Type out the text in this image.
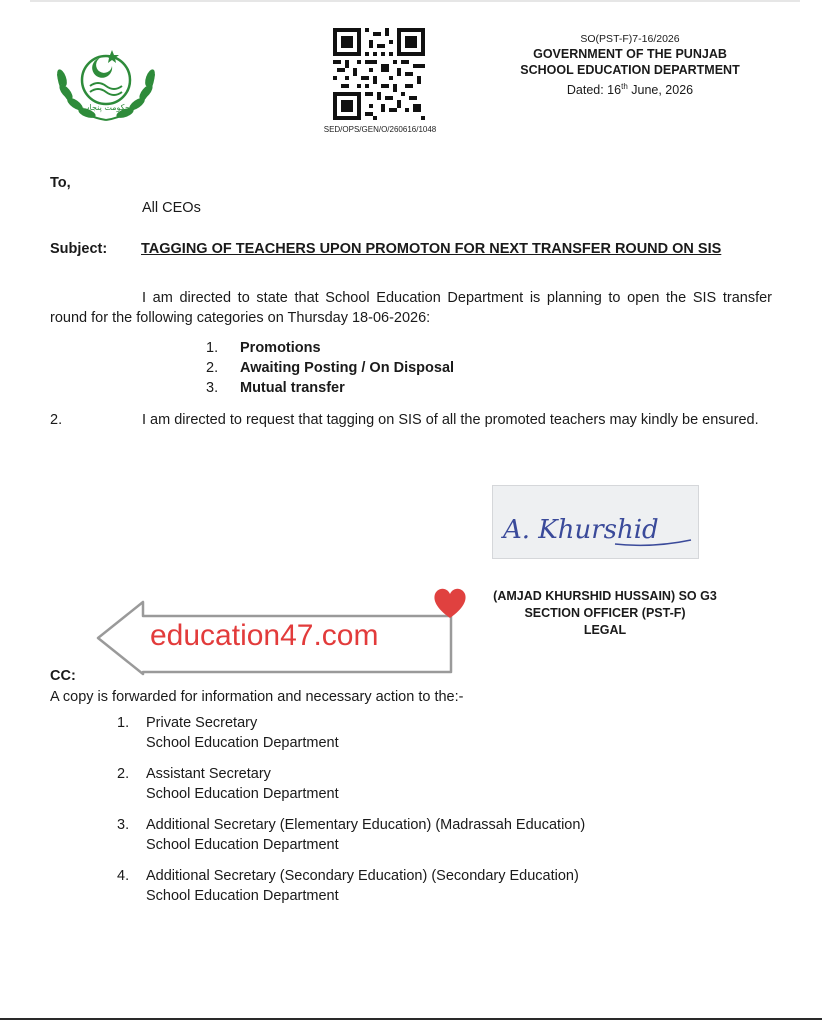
حکومت پنجاب
SED/OPS/GEN/O/260616/1048
SO(PST-F)7-16/2026
GOVERNMENT OF THE PUNJAB
SCHOOL EDUCATION DEPARTMENT
Dated: 16th June, 2026
To,
All CEOs
Subject: TAGGING OF TEACHERS UPON PROMOTON FOR NEXT TRANSFER ROUND ON SIS
I am directed to state that School Education Department is planning to open the SIS transfer round for the following categories on Thursday 18-06-2026:
1.	Promotions
2.	Awaiting Posting / On Disposal
3.	Mutual transfer
2.	I am directed to request that tagging on SIS of all the promoted teachers may kindly be ensured.
A. Khurshid
(AMJAD KHURSHID HUSSAIN) SO G3
SECTION OFFICER (PST-F)
LEGAL
education47.com
CC:
A copy is forwarded for information and necessary action to the:-
1.	Private Secretary
School Education Department
2.	Assistant Secretary
School Education Department
3.	Additional Secretary (Elementary Education) (Madrassah Education)
School Education Department
4.	Additional Secretary (Secondary Education) (Secondary Education)
School Education Department
